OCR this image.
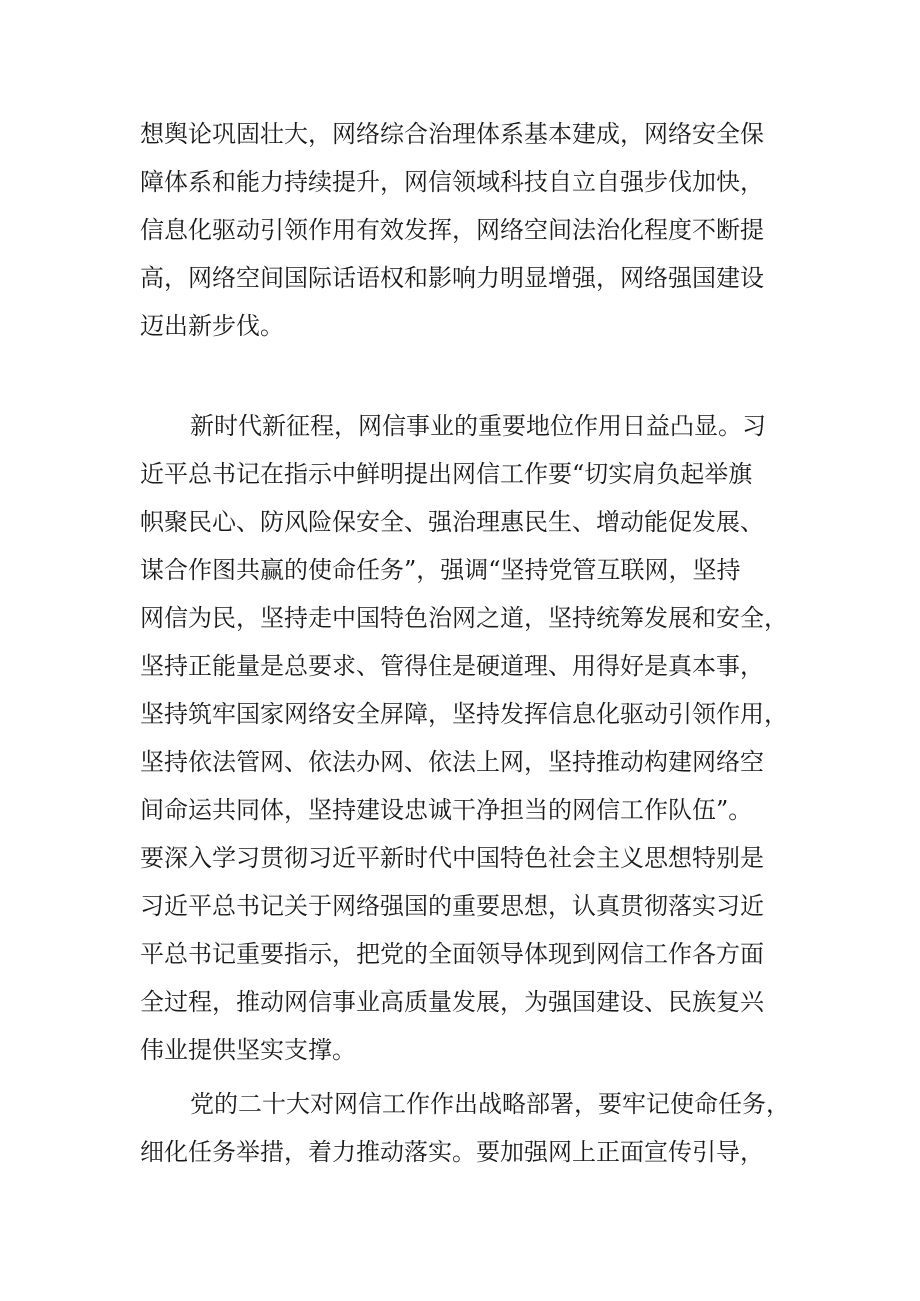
想舆论巩固壮大，网络综合治理体系基本建成，网络安全保
障体系和能力持续提升，网信领域科技自立自强步伐加快，
信息化驱动引领作用有效发挥，网络空间法治化程度不断提
高，网络空间国际话语权和影响力明显增强，网络强国建设
迈出新步伐。
新时代新征程，网信事业的重要地位作用日益凸显。习
近平总书记在指示中鲜明提出网信工作要“切实肩负起举旗
帜聚民心、防风险保安全、强治理惠民生、增动能促发展、
谋合作图共赢的使命任务”，强调“坚持党管互联网，坚持
网信为民，坚持走中国特色治网之道，坚持统筹发展和安全，
坚持正能量是总要求、管得住是硬道理、用得好是真本事，
坚持筑牢国家网络安全屏障，坚持发挥信息化驱动引领作用，
坚持依法管网、依法办网、依法上网，坚持推动构建网络空
间命运共同体，坚持建设忠诚干净担当的网信工作队伍”。
要深入学习贯彻习近平新时代中国特色社会主义思想特别是
习近平总书记关于网络强国的重要思想，认真贯彻落实习近
平总书记重要指示，把党的全面领导体现到网信工作各方面
全过程，推动网信事业高质量发展，为强国建设、民族复兴
伟业提供坚实支撑。
党的二十大对网信工作作出战略部署，要牢记使命任务，
细化任务举措，着力推动落实。要加强网上正面宣传引导，
